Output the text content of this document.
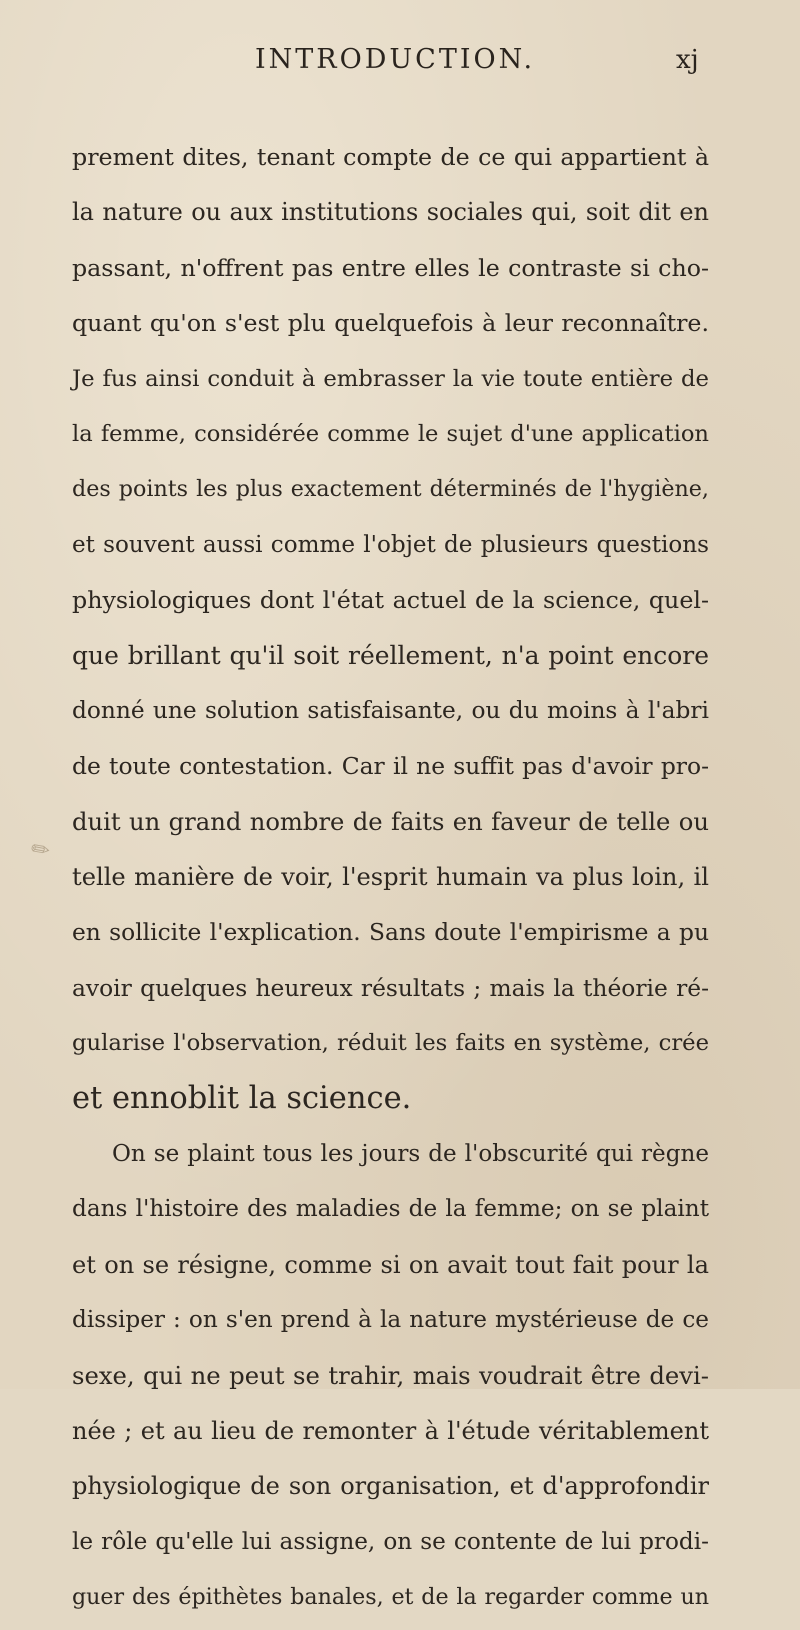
INTRODUCTION.	xj
✎
prement dites, tenant compte de ce qui appartient à
la nature ou aux institutions sociales qui, soit dit en
passant, n'offrent pas entre elles le contraste si cho-
quant qu'on s'est plu quelquefois à leur reconnaître.
Je fus ainsi conduit à embrasser la vie toute entière de
la femme, considérée comme le sujet d'une application
des points les plus exactement déterminés de l'hygiène,
et souvent aussi comme l'objet de plusieurs questions
physiologiques dont l'état actuel de la science, quel-
que brillant qu'il soit réellement, n'a point encore
donné une solution satisfaisante, ou du moins à l'abri
de toute contestation. Car il ne suffit pas d'avoir pro-
duit un grand nombre de faits en faveur de telle ou
telle manière de voir, l'esprit humain va plus loin, il
en sollicite l'explication. Sans doute l'empirisme a pu
avoir quelques heureux résultats ; mais la théorie ré-
gularise l'observation, réduit les faits en système, crée
et ennoblit la science.
On se plaint tous les jours de l'obscurité qui règne
dans l'histoire des maladies de la femme; on se plaint
et on se résigne, comme si on avait tout fait pour la
dissiper : on s'en prend à la nature mystérieuse de ce
sexe, qui ne peut se trahir, mais voudrait être devi-
née ; et au lieu de remonter à l'étude véritablement
physiologique de son organisation, et d'approfondir
le rôle qu'elle lui assigne, on se contente de lui prodi-
guer des épithètes banales, et de la regarder comme un
